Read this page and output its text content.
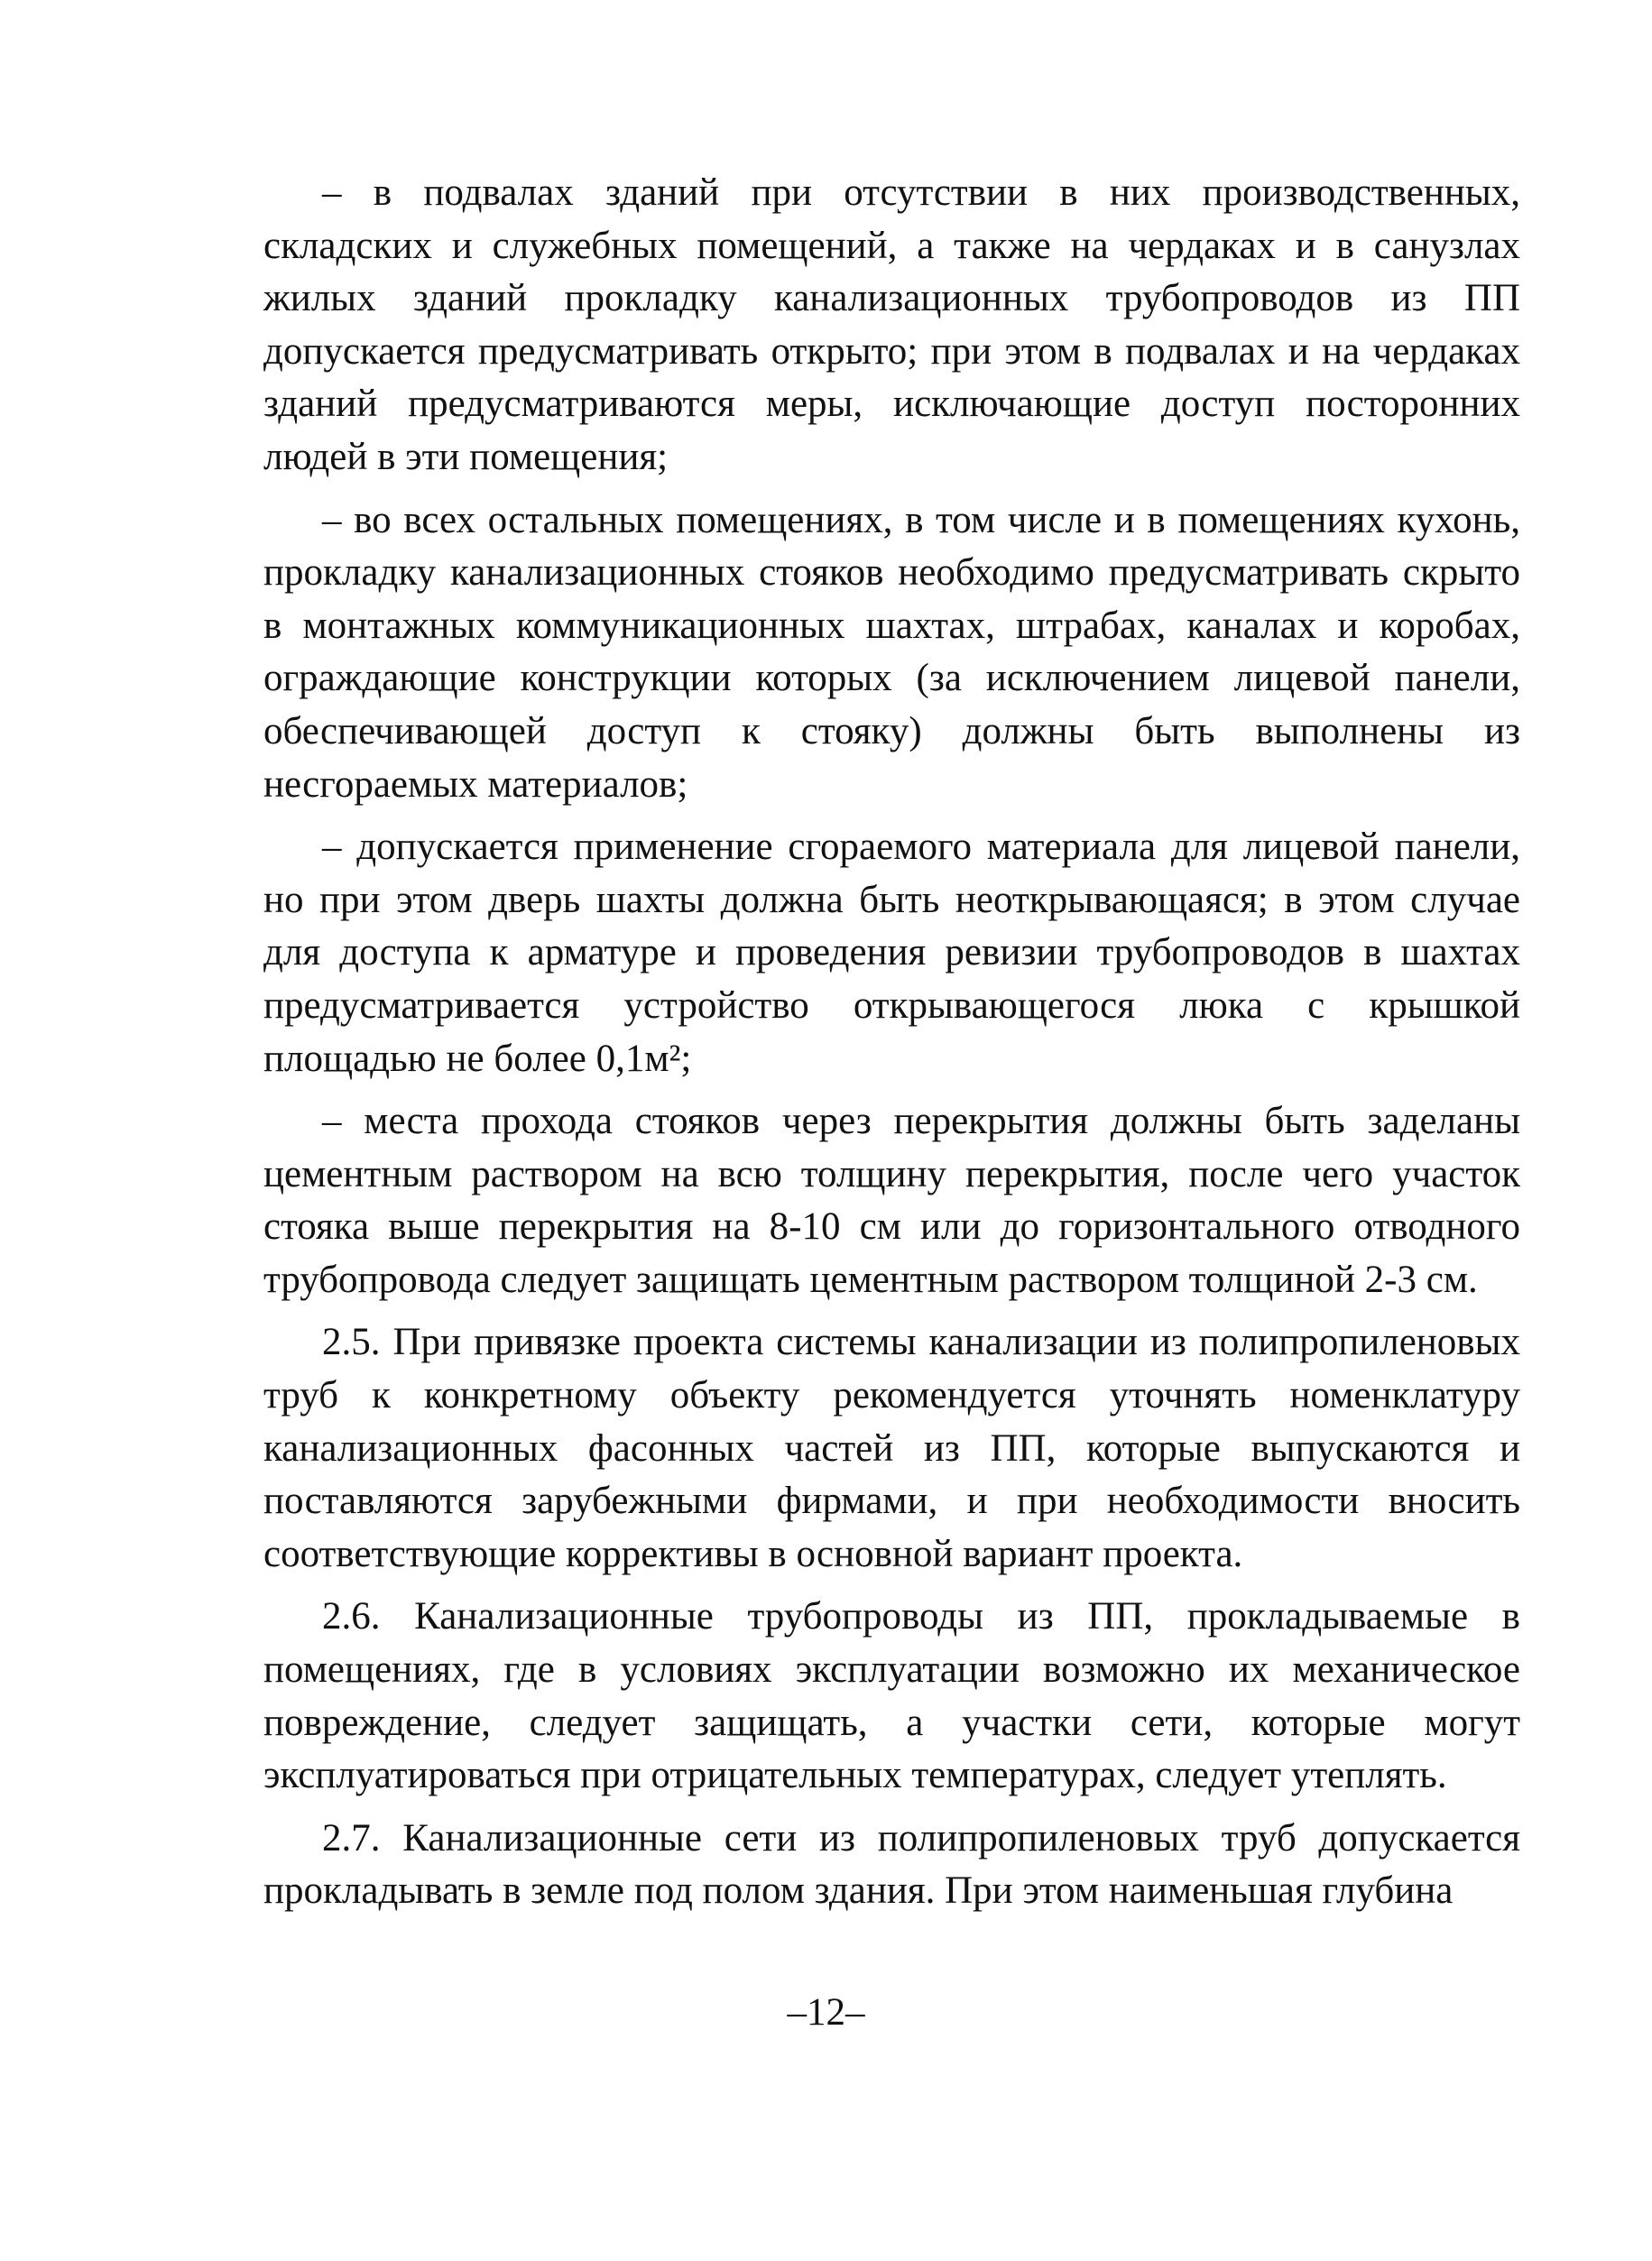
– в подвалах зданий при отсутствии в них производственных, складских и служебных помещений, а также на чердаках и в санузлах жилых зданий прокладку канализационных трубопроводов из ПП допускается предусматривать открыто; при этом в подвалах и на чердаках зданий предусматриваются меры, исключающие доступ посторонних людей в эти помещения;

– во всех остальных помещениях, в том числе и в помещениях кухонь, прокладку канализационных стояков необходимо предусматривать скрыто в монтажных коммуникационных шахтах, штрабах, каналах и коробах, ограждающие конструкции которых (за исключением лицевой панели, обеспечивающей доступ к стояку) должны быть выполнены из несгораемых материалов;

– допускается применение сгораемого материала для лицевой панели, но при этом дверь шахты должна быть неоткрывающаяся; в этом случае для доступа к арматуре и проведения ревизии трубопроводов в шахтах предусматривается устройство открывающегося люка с крышкой площадью не более 0,1м²;

– места прохода стояков через перекрытия должны быть заделаны цементным раствором на всю толщину перекрытия, после чего участок стояка выше перекрытия на 8-10 см или до горизонтального отводного трубопровода следует защищать цементным раствором толщиной 2-3 см.

2.5. При привязке проекта системы канализации из полипропиленовых труб к конкретному объекту рекомендуется уточнять номенклатуру канализационных фасонных частей из ПП, которые выпускаются и поставляются зарубежными фирмами, и при необходимости вносить соответствующие коррективы в основной вариант проекта.

2.6. Канализационные трубопроводы из ПП, прокладываемые в помещениях, где в условиях эксплуатации возможно их механическое повреждение, следует защищать, а участки сети, которые могут эксплуатироваться при отрицательных температурах, следует утеплять.

2.7. Канализационные сети из полипропиленовых труб допускается прокладывать в земле под полом здания. При этом наименьшая глубина

–12–
